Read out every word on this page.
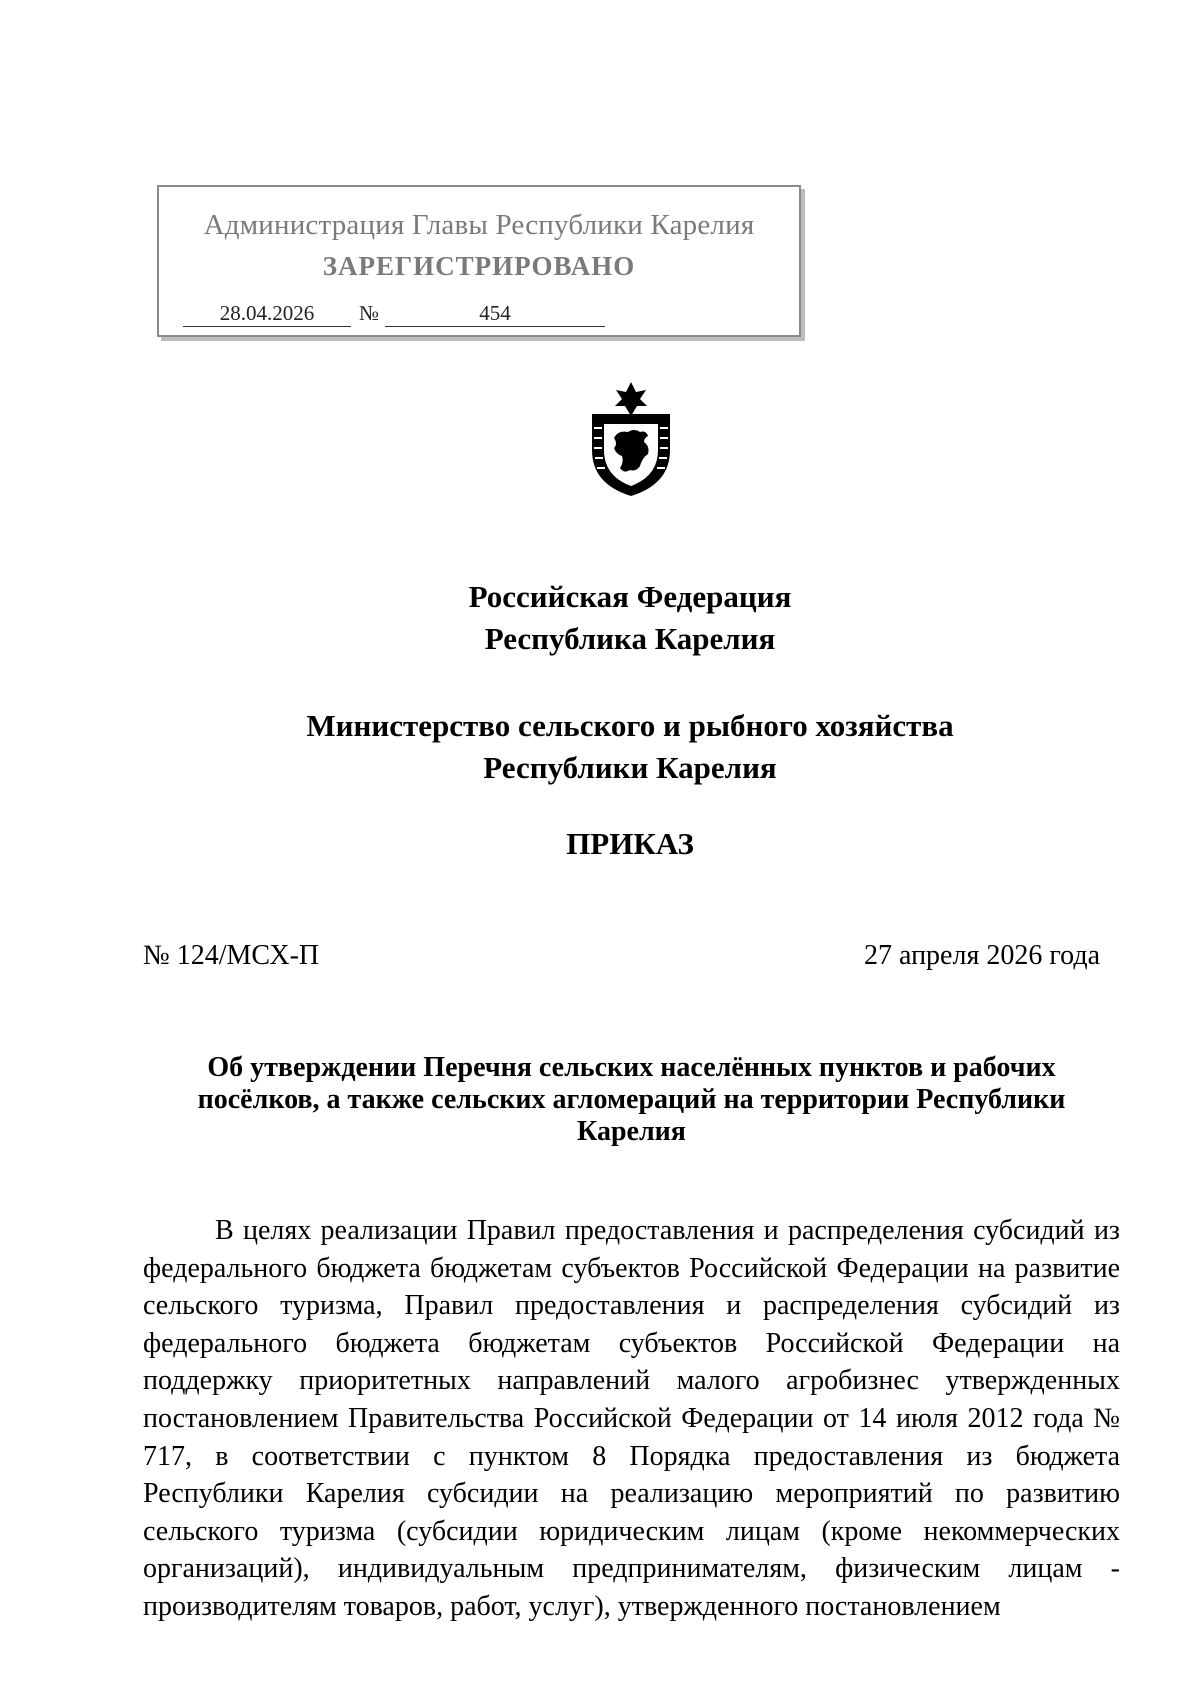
Администрация Главы Республики Карелия
ЗАРЕГИСТРИРОВАНО
28.04.2026	№	454
Российская Федерация
Республика Карелия
Министерство сельского и рыбного хозяйства
Республики Карелия
ПРИКАЗ
№ 124/МСХ-П	27 апреля 2026 года
Об утверждении Перечня сельских населённых пунктов и рабочих посёлков, а также сельских агломераций на территории Республики Карелия
В целях реализации Правил предоставления и распределения субсидий из федерального бюджета бюджетам субъектов Российской Федерации на развитие сельского туризма, Правил предоставления и распределения субсидий из федерального бюджета бюджетам субъектов Российской Федерации на поддержку приоритетных направлений малого агробизнес утвержденных постановлением Правительства Российской Федерации от 14 июля 2012 года № 717, в соответствии с пунктом 8 Порядка предоставления из бюджета Республики Карелия субсидии на реализацию мероприятий по развитию сельского туризма (субсидии юридическим лицам (кроме некоммерческих организаций), индивидуальным предпринимателям, физическим лицам - производителям товаров, работ, услуг), утвержденного постановлением
